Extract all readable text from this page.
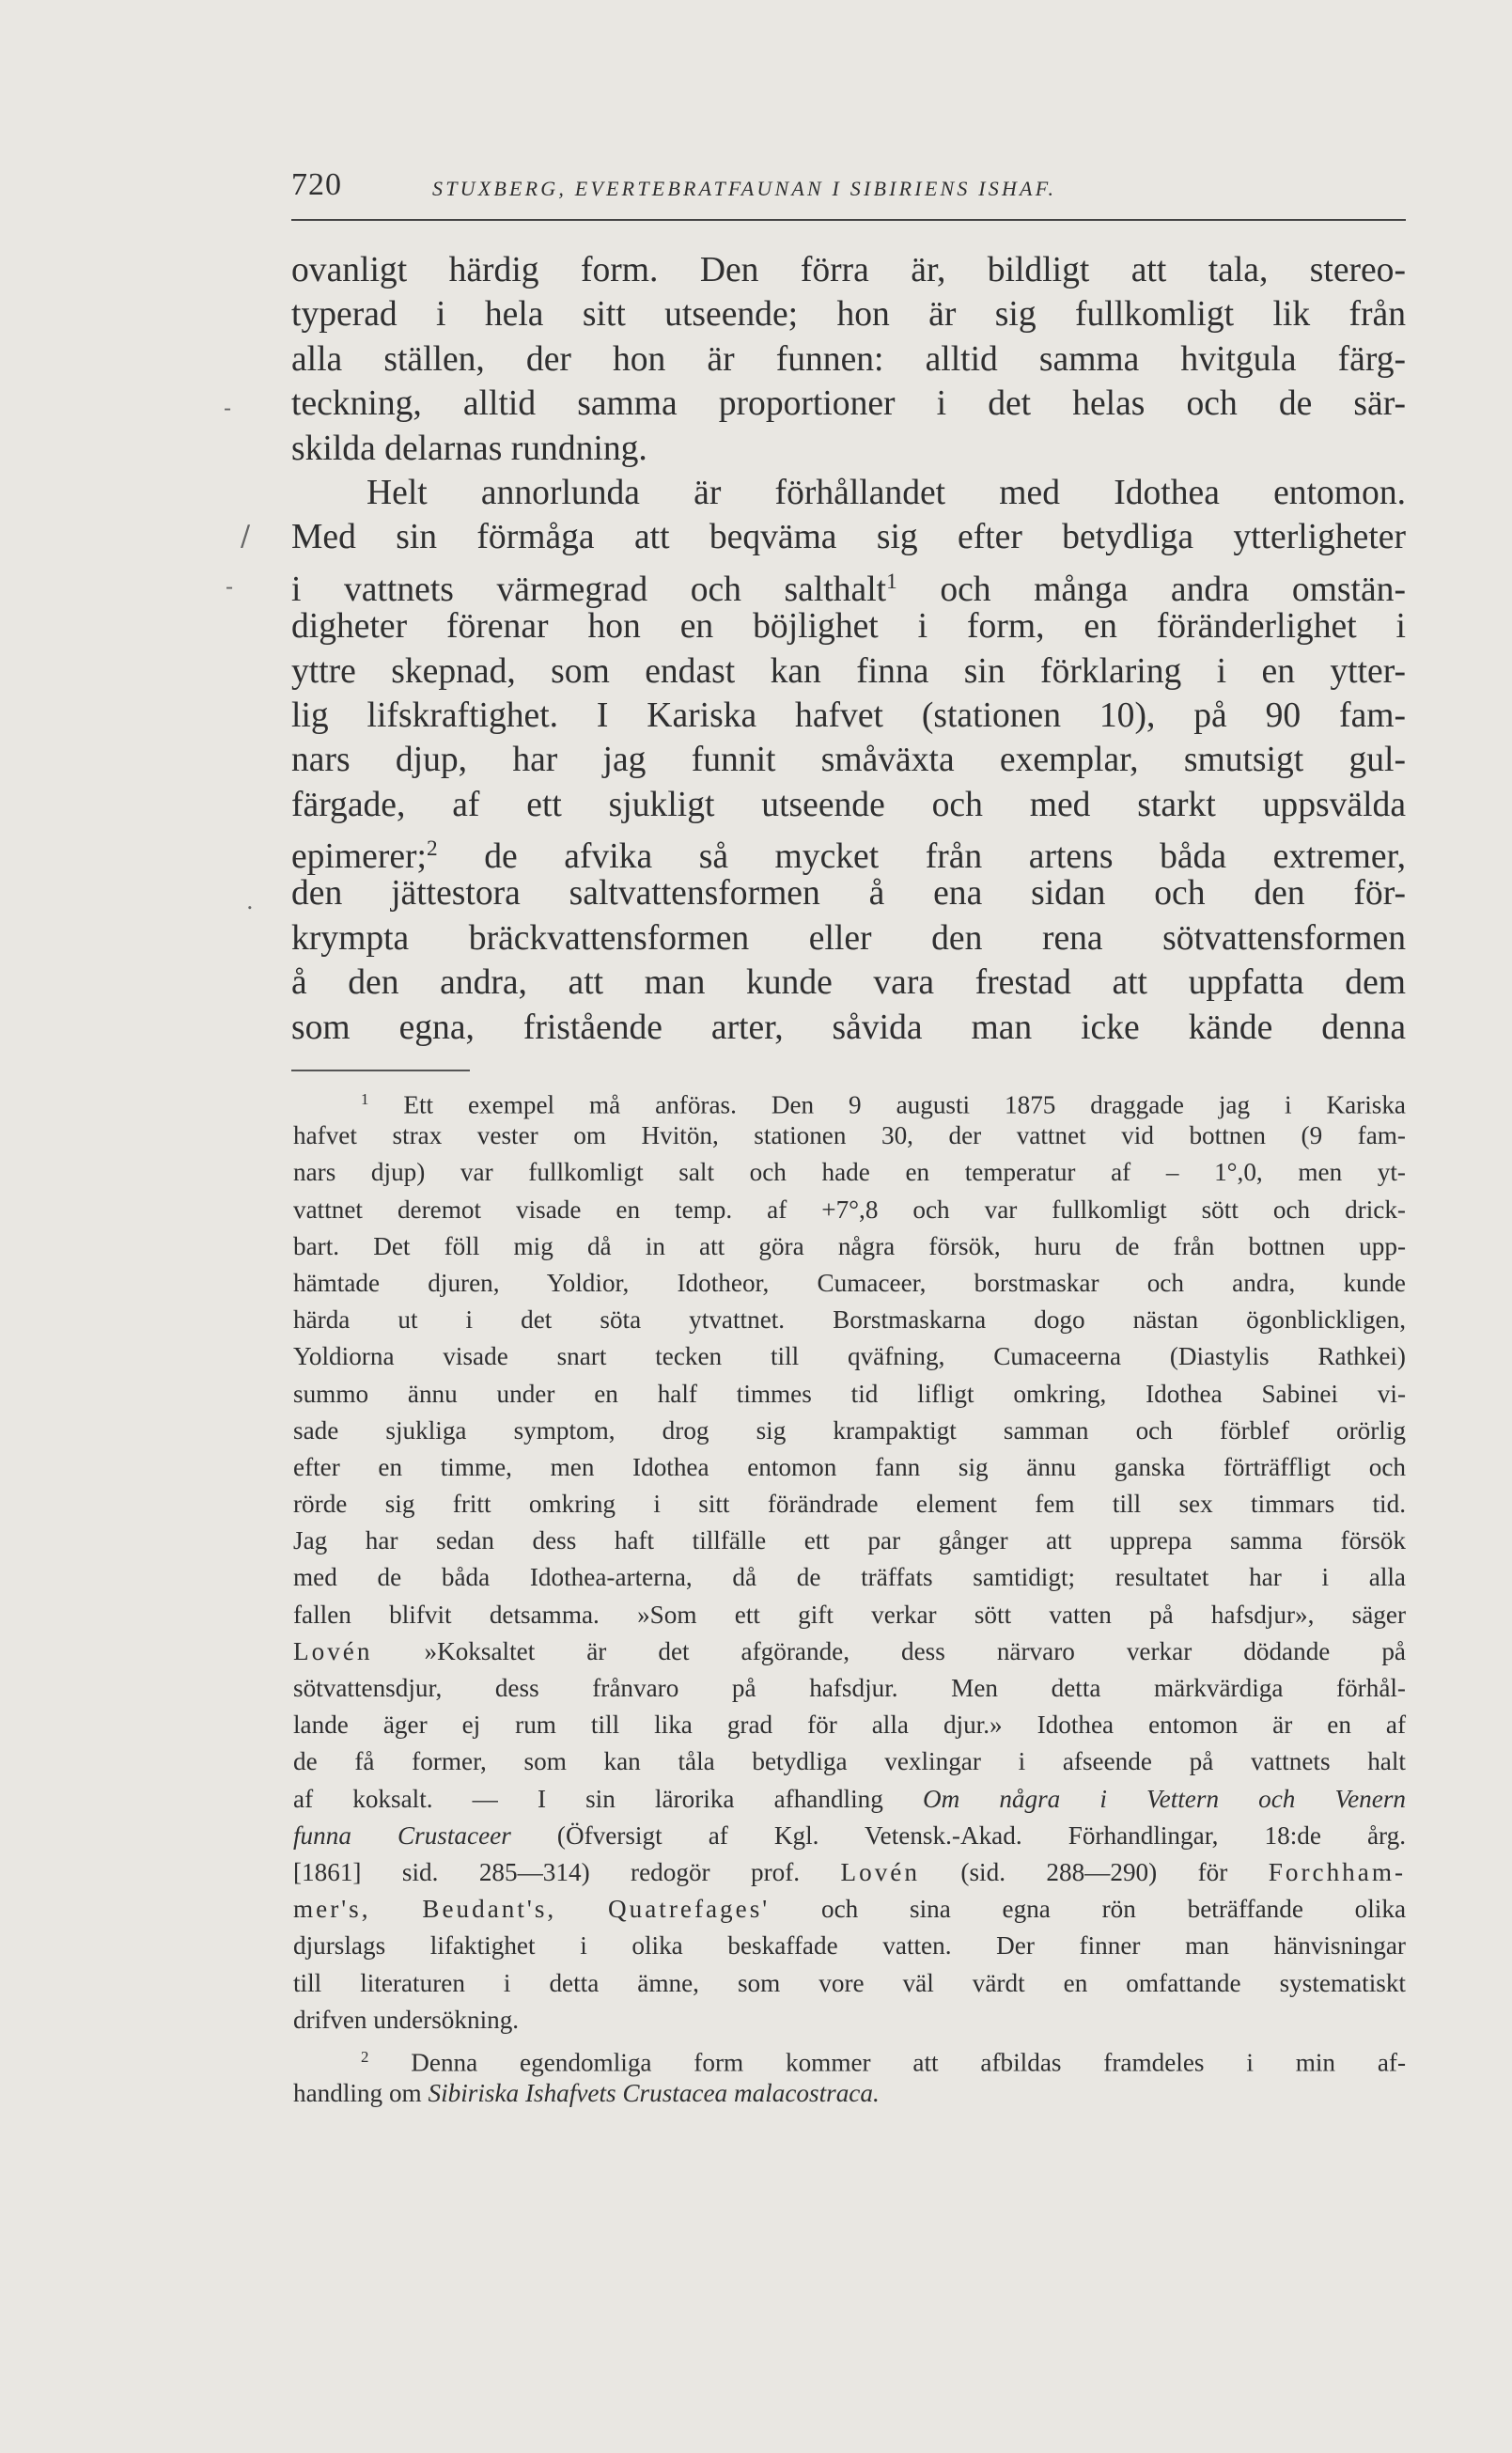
720	STUXBERG, EVERTEBRATFAUNAN I SIBIRIENS ISHAF.
-
-
/
.
ovanligt härdig form. Den förra är, bildligt att tala, stereo-
typerad i hela sitt utseende; hon är sig fullkomligt lik från
alla ställen, der hon är funnen: alltid samma hvitgula färg-
teckning, alltid samma proportioner i det helas och de sär-
skilda delarnas rundning.
Helt annorlunda är förhållandet med Idothea entomon.
Med sin förmåga att beqväma sig efter betydliga ytterligheter
i vattnets värmegrad och salthalt$^1$ och många andra omstän-
digheter förenar hon en böjlighet i form, en föränderlighet i
yttre skepnad, som endast kan finna sin förklaring i en ytter-
lig lifskraftighet. I Kariska hafvet (stationen 10), på 90 fam-
nars djup, har jag funnit småväxta exemplar, smutsigt gul-
färgade, af ett sjukligt utseende och med starkt uppsvälda
epimerer;$^2$ de afvika så mycket från artens båda extremer,
den jättestora saltvattensformen å ena sidan och den för-
krympta bräckvattensformen eller den rena sötvattensformen
å den andra, att man kunde vara frestad att uppfatta dem
som egna, fristående arter, såvida man icke kände denna
$^1$ Ett exempel må anföras. Den 9 augusti 1875 draggade jag i Kariska
hafvet strax vester om Hvitön, stationen 30, der vattnet vid bottnen (9 fam-
nars djup) var fullkomligt salt och hade en temperatur af – 1°,0, men yt-
vattnet deremot visade en temp. af +7°,8 och var fullkomligt sött och drick-
bart. Det föll mig då in att göra några försök, huru de från bottnen upp-
hämtade djuren, Yoldior, Idotheor, Cumaceer, borstmaskar och andra, kunde
härda ut i det söta ytvattnet. Borstmaskarna dogo nästan ögonblickligen,
Yoldiorna visade snart tecken till qväfning, Cumaceerna (Diastylis Rathkei)
summo ännu under en half timmes tid lifligt omkring, Idothea Sabinei vi-
sade sjukliga symptom, drog sig krampaktigt samman och förblef orörlig
efter en timme, men Idothea entomon fann sig ännu ganska förträffligt och
rörde sig fritt omkring i sitt förändrade element fem till sex timmars tid.
Jag har sedan dess haft tillfälle ett par gånger att upprepa samma försök
med de båda Idothea-arterna, då de träffats samtidigt; resultatet har i alla
fallen blifvit detsamma. »Som ett gift verkar sött vatten på hafsdjur», säger
Lovén »Koksaltet är det afgörande, dess närvaro verkar dödande på
sötvattensdjur, dess frånvaro på hafsdjur. Men detta märkvärdiga förhål-
lande äger ej rum till lika grad för alla djur.» Idothea entomon är en af
de få former, som kan tåla betydliga vexlingar i afseende på vattnets halt
af koksalt. — I sin lärorika afhandling Om några i Vettern och Venern
funna Crustaceer (Öfversigt af Kgl. Vetensk.-Akad. Förhandlingar, 18:de årg.
[1861] sid. 285—314) redogör prof. Lovén (sid. 288—290) för Forchham-
mer's, Beudant's, Quatrefages' och sina egna rön beträffande olika
djurslags lifaktighet i olika beskaffade vatten. Der finner man hänvisningar
till literaturen i detta ämne, som vore väl värdt en omfattande systematiskt
drifven undersökning.
$^2$ Denna egendomliga form kommer att afbildas framdeles i min af-
handling om Sibiriska Ishafvets Crustacea malacostraca.
